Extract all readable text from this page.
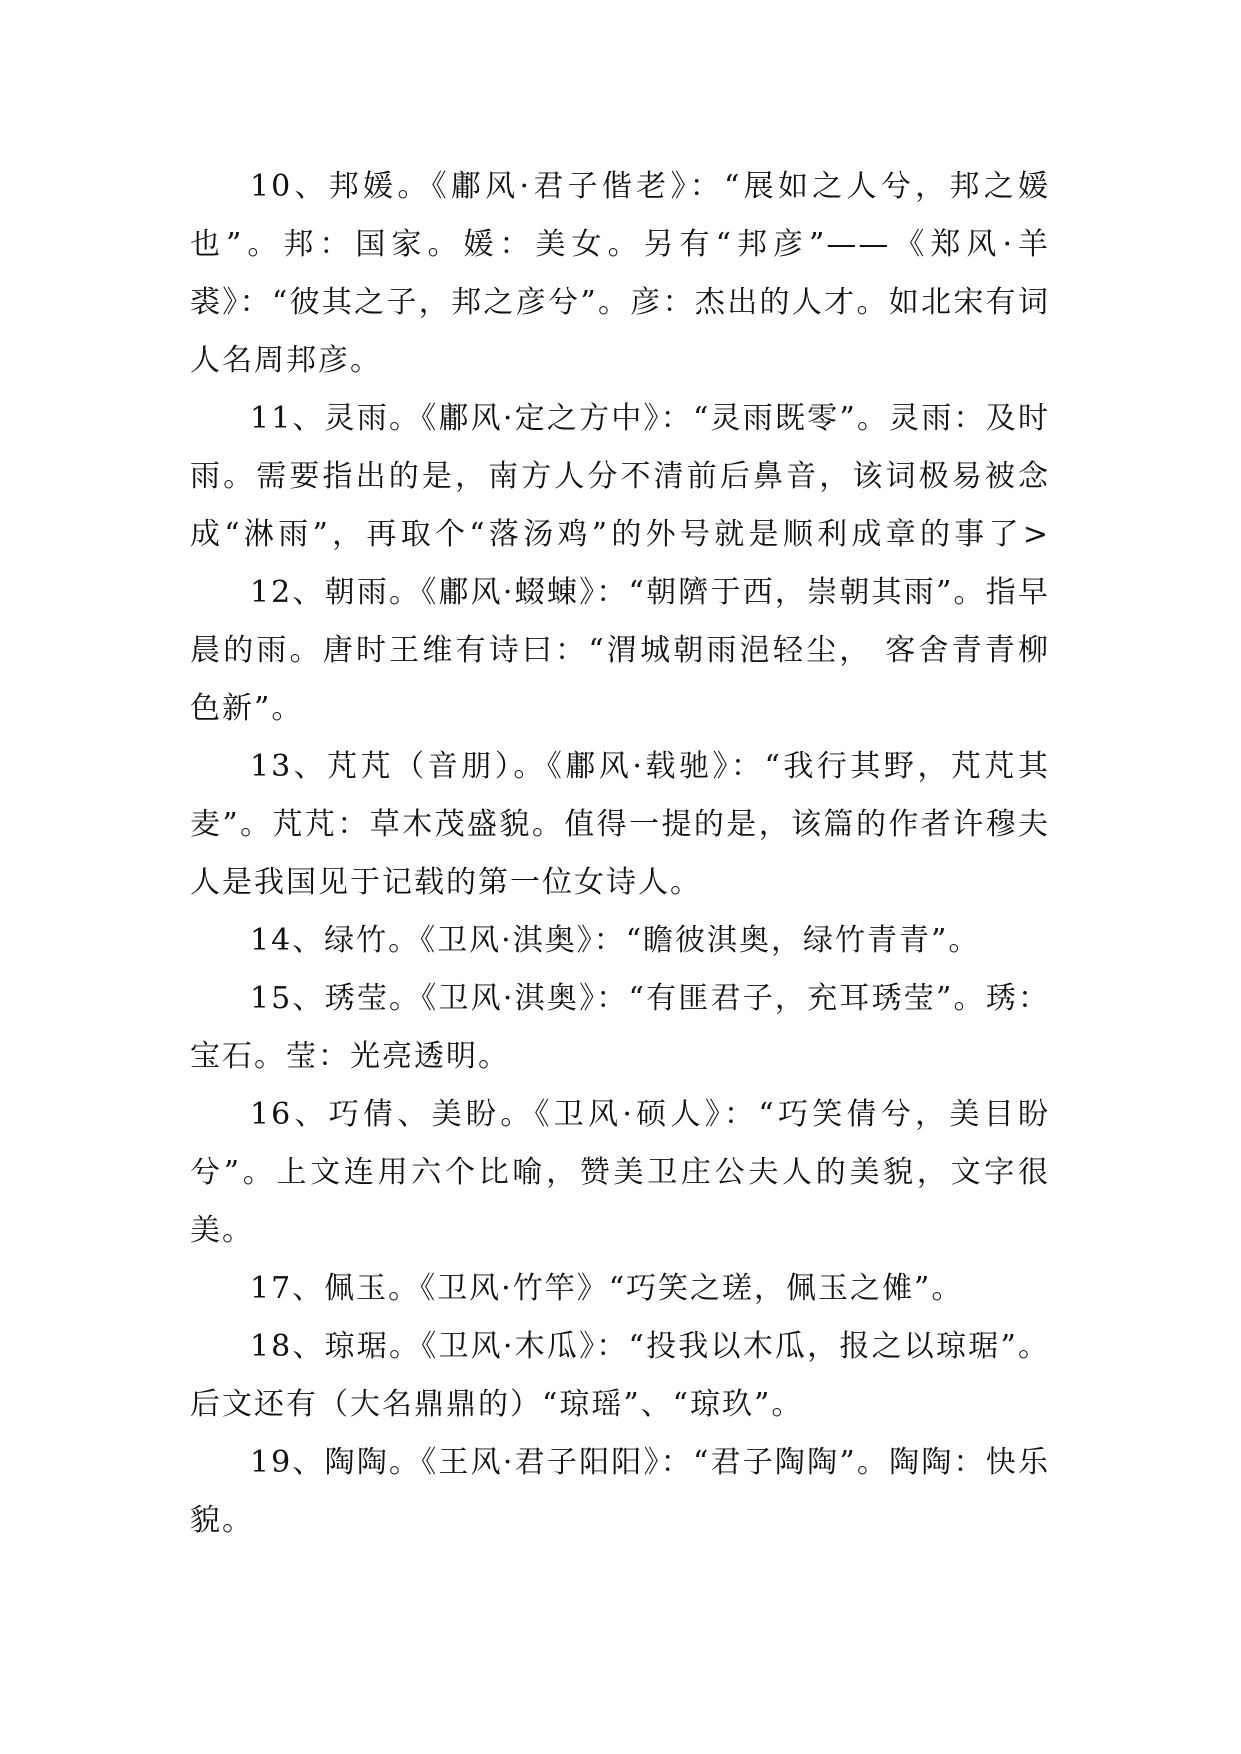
10、邦媛。《鄘风·君子偕老》：“展如之人兮，邦之媛也”。邦：国家。媛：美女。另有“邦彦”——《郑风·羊裘》：“彼其之子，邦之彦兮”。彦：杰出的人才。如北宋有词人名周邦彦。

11、灵雨。《鄘风·定之方中》：“灵雨既零”。灵雨：及时雨。需要指出的是，南方人分不清前后鼻音，该词极易被念成“淋雨”，再取个“落汤鸡”的外号就是顺利成章的事了>12、朝雨。《鄘风·蝃蝀》：“朝隮于西，崇朝其雨”。指早晨的雨。唐时王维有诗曰：“渭城朝雨浥轻尘， 客舍青青柳色新”。

13、芃芃（音朋）。《鄘风·载驰》：“我行其野，芃芃其麦”。芃芃：草木茂盛貌。值得一提的是，该篇的作者许穆夫人是我国见于记载的第一位女诗人。

14、绿竹。《卫风·淇奥》：“瞻彼淇奥，绿竹青青”。

15、琇莹。《卫风·淇奥》：“有匪君子，充耳琇莹”。琇：宝石。莹：光亮透明。

16、巧倩、美盼。《卫风·硕人》：“巧笑倩兮，美目盼兮”。上文连用六个比喻，赞美卫庄公夫人的美貌，文字很美。

17、佩玉。《卫风·竹竿》“巧笑之瑳，佩玉之傩”。

18、琼琚。《卫风·木瓜》：“投我以木瓜，报之以琼琚”。后文还有（大名鼎鼎的）“琼瑶”、“琼玖”。

19、陶陶。《王风·君子阳阳》：“君子陶陶”。陶陶：快乐貌。
